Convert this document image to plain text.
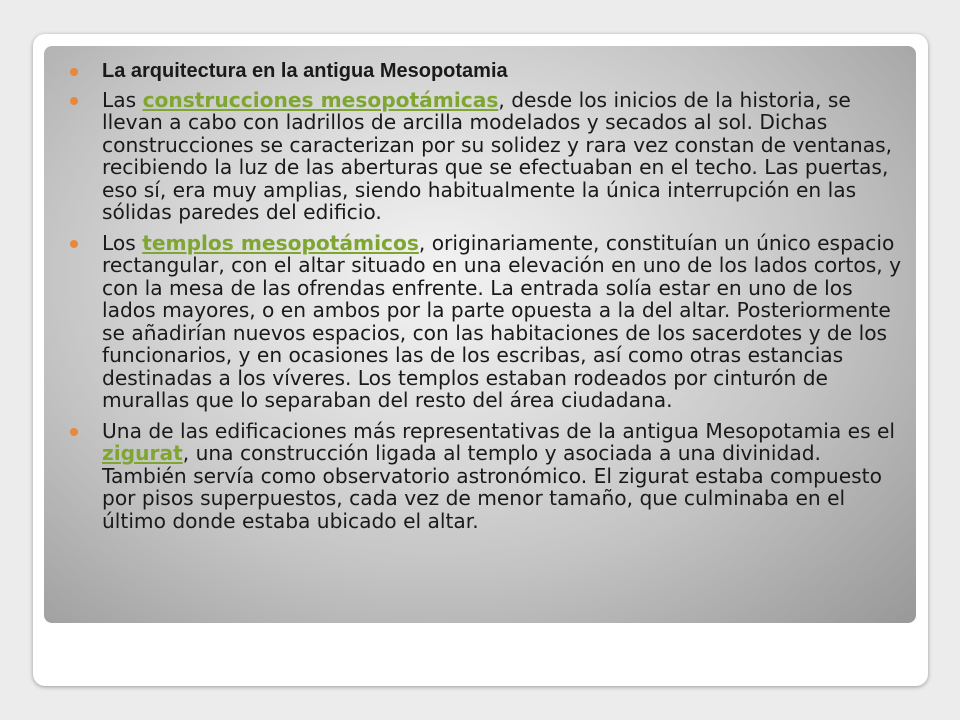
La arquitectura en la antigua Mesopotamia
Las construcciones mesopotámicas, desde los inicios de la historia, se llevan a cabo con ladrillos de arcilla modelados y secados al sol. Dichas construcciones se caracterizan por su solidez y rara vez constan de ventanas, recibiendo la luz de las aberturas que se efectuaban en el techo. Las puertas, eso sí, era muy amplias, siendo habitualmente la única interrupción en las sólidas paredes del edificio.
Los templos mesopotámicos, originariamente, constituían un único espacio rectangular, con el altar situado en una elevación en uno de los lados cortos, y con la mesa de las ofrendas enfrente. La entrada solía estar en uno de los lados mayores, o en ambos por la parte opuesta a la del altar. Posteriormente se añadirían nuevos espacios, con las habitaciones de los sacerdotes y de los funcionarios, y en ocasiones las de los escribas, así como otras estancias destinadas a los víveres. Los templos estaban rodeados por cinturón de murallas que lo separaban del resto del área ciudadana.
Una de las edificaciones más representativas de la antigua Mesopotamia es el zigurat, una construcción ligada al templo y asociada a una divinidad. También servía como observatorio astronómico. El zigurat estaba compuesto por pisos superpuestos, cada vez de menor tamaño, que culminaba en el último donde estaba ubicado el altar.
